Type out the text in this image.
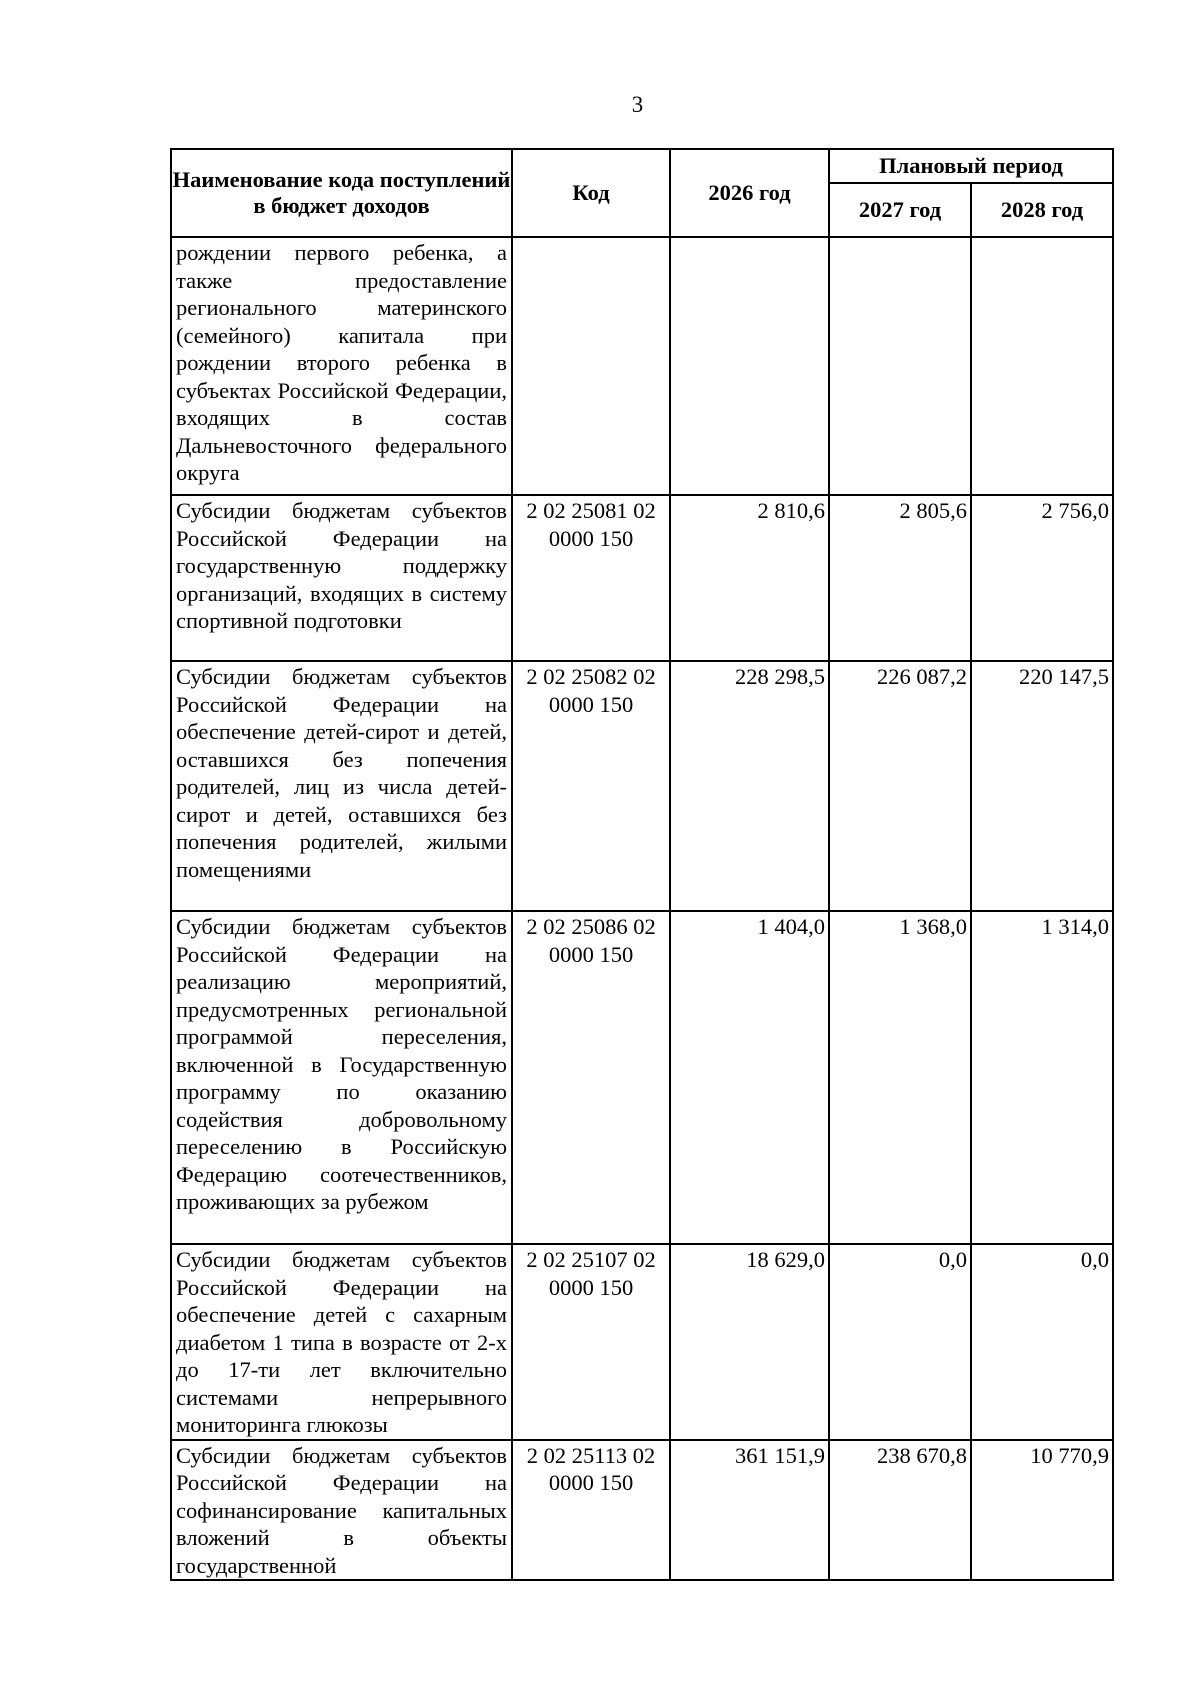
3
Наименование кода поступлений в бюджет доходов	Код	2026 год	Плановый период	
			2027 год	2028 год
рождении первого ребенка, а также предоставление регионального материнского (семейного) капитала при рождении второго ребенка в субъектах Российской Федерации, входящих в состав Дальневосточного федерального округа				
Субсидии бюджетам субъектов Российской Федерации на государственную поддержку организаций, входящих в систему спортивной подготовки	2 02 25081 02 0000 150	2 810,6	2 805,6	2 756,0
Субсидии бюджетам субъектов Российской Федерации на обеспечение детей-сирот и детей, оставшихся без попечения родителей, лиц из числа детей-сирот и детей, оставшихся без попечения родителей, жилыми помещениями	2 02 25082 02 0000 150	228 298,5	226 087,2	220 147,5
Субсидии бюджетам субъектов Российской Федерации на реализацию мероприятий, предусмотренных региональной программой переселения, включенной в Государственную программу по оказанию содействия добровольному переселению в Российскую Федерацию соотечественников, проживающих за рубежом	2 02 25086 02 0000 150	1 404,0	1 368,0	1 314,0
Субсидии бюджетам субъектов Российской Федерации на обеспечение детей с сахарным диабетом 1 типа в возрасте от 2-х до 17-ти лет включительно системами непрерывного мониторинга глюкозы	2 02 25107 02 0000 150	18 629,0	0,0	0,0
Субсидии бюджетам субъектов Российской Федерации на софинансирование капитальных вложений в объекты государственной	2 02 25113 02 0000 150	361 151,9	238 670,8	10 770,9
